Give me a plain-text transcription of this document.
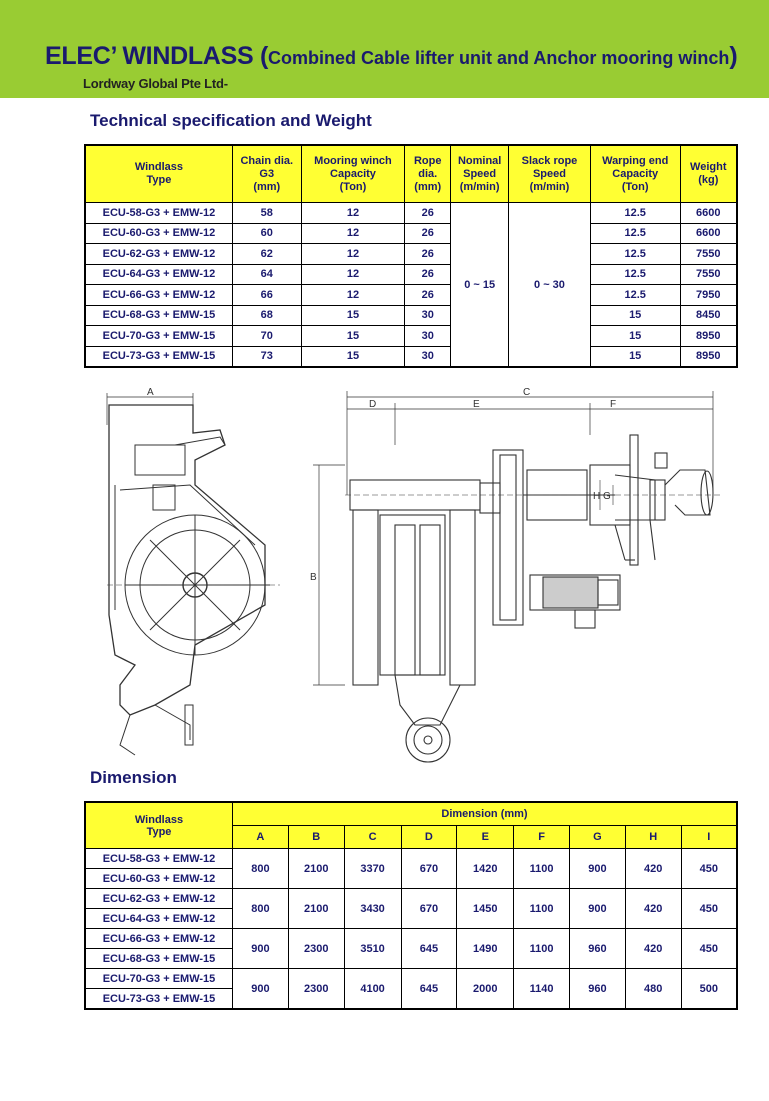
ELEC’ WINDLASS (Combined Cable lifter unit and Anchor mooring winch)
Lordway Global Pte Ltd-
Technical specification and Weight
Windlass
Type	Chain dia.
G3
(mm)	Mooring winch
Capacity
(Ton)	Rope
dia.
(mm)	Nominal
Speed
(m/min)	Slack rope
Speed
(m/min)	Warping end
Capacity
(Ton)	Weight
(kg)
ECU-58-G3 + EMW-12	58	12	26	0 ~ 15	0 ~ 30	12.5	6600
ECU-60-G3 + EMW-12	60	12	26			12.5	6600
ECU-62-G3 + EMW-12	62	12	26			12.5	7550
ECU-64-G3 + EMW-12	64	12	26			12.5	7550
ECU-66-G3 + EMW-12	66	12	26			12.5	7950
ECU-68-G3 + EMW-15	68	15	30			15	8450
ECU-70-G3 + EMW-15	70	15	30			15	8950
ECU-73-G3 + EMW-15	73	15	30			15	8950
A
B
C
D	E	F
G
H
Dimension
Windlass
Type	Dimension (mm)								
	A	B	C	D	E	F	G	H	I
ECU-58-G3 + EMW-12	800	2100	3370	670	1420	1100	900	420	450
ECU-60-G3 + EMW-12									
ECU-62-G3 + EMW-12	800	2100	3430	670	1450	1100	900	420	450
ECU-64-G3 + EMW-12									
ECU-66-G3 + EMW-12	900	2300	3510	645	1490	1100	960	420	450
ECU-68-G3 + EMW-15									
ECU-70-G3 + EMW-15	900	2300	4100	645	2000	1140	960	480	500
ECU-73-G3 + EMW-15									
